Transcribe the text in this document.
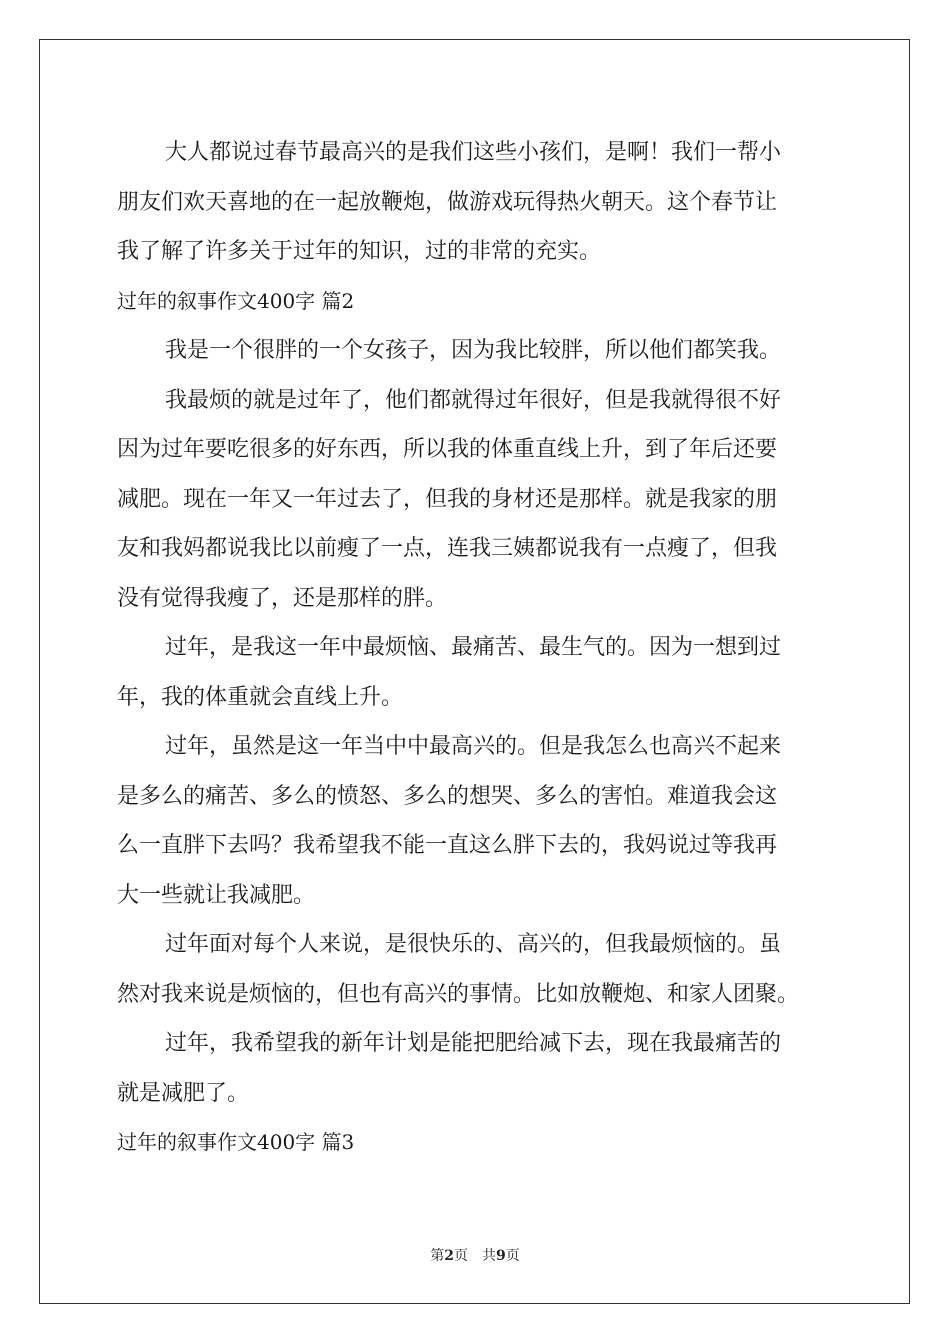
大人都说过春节最高兴的是我们这些小孩们，是啊！我们一帮小
朋友们欢天喜地的在一起放鞭炮，做游戏玩得热火朝天。这个春节让
我了解了许多关于过年的知识，过的非常的充实。
过年的叙事作文400字 篇2
我是一个很胖的一个女孩子，因为我比较胖，所以他们都笑我。
我最烦的就是过年了，他们都就得过年很好，但是我就得很不好
因为过年要吃很多的好东西，所以我的体重直线上升，到了年后还要
减肥。现在一年又一年过去了，但我的身材还是那样。就是我家的朋
友和我妈都说我比以前瘦了一点，连我三姨都说我有一点瘦了，但我
没有觉得我瘦了，还是那样的胖。
过年，是我这一年中最烦恼、最痛苦、最生气的。因为一想到过
年，我的体重就会直线上升。
过年，虽然是这一年当中中最高兴的。但是我怎么也高兴不起来
是多么的痛苦、多么的愤怒、多么的想哭、多么的害怕。难道我会这
么一直胖下去吗？我希望我不能一直这么胖下去的，我妈说过等我再
大一些就让我减肥。
过年面对每个人来说，是很快乐的、高兴的，但我最烦恼的。虽
然对我来说是烦恼的，但也有高兴的事情。比如放鞭炮、和家人团聚。
过年，我希望我的新年计划是能把肥给减下去，现在我最痛苦的
就是减肥了。
过年的叙事作文400字 篇3
第2页 共9页
